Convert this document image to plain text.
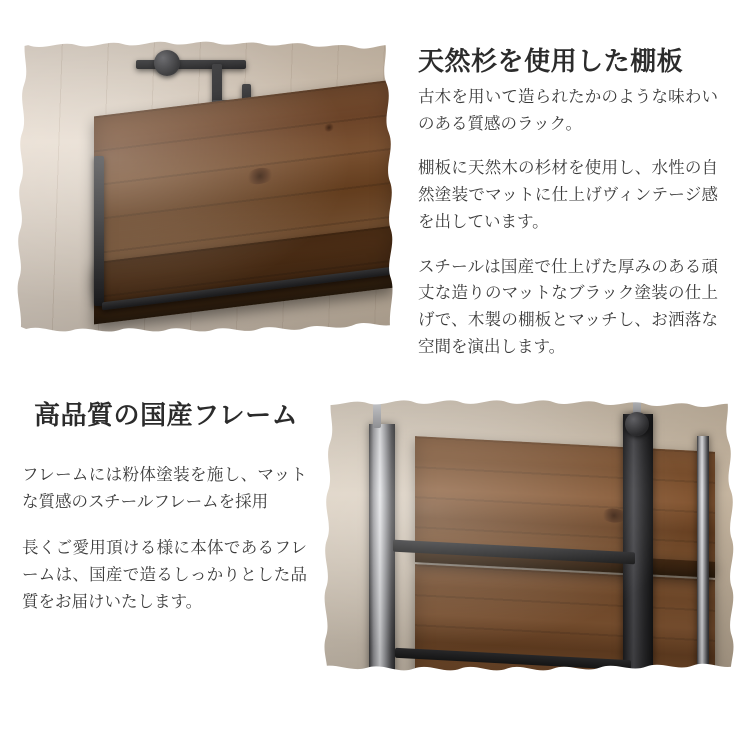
天然杉を使用した棚板

古木を用いて造られたかのような味わいのある質感のラック。

棚板に天然木の杉材を使用し、水性の自然塗装でマットに仕上げヴィンテージ感を出しています。

スチールは国産で仕上げた厚みのある頑丈な造りのマットなブラック塗装の仕上げで、木製の棚板とマッチし、お洒落な空間を演出します。

高品質の国産フレーム

フレームには粉体塗装を施し、マットな質感のスチールフレームを採用

長くご愛用頂ける様に本体であるフレームは、国産で造るしっかりとした品質をお届けいたします。
